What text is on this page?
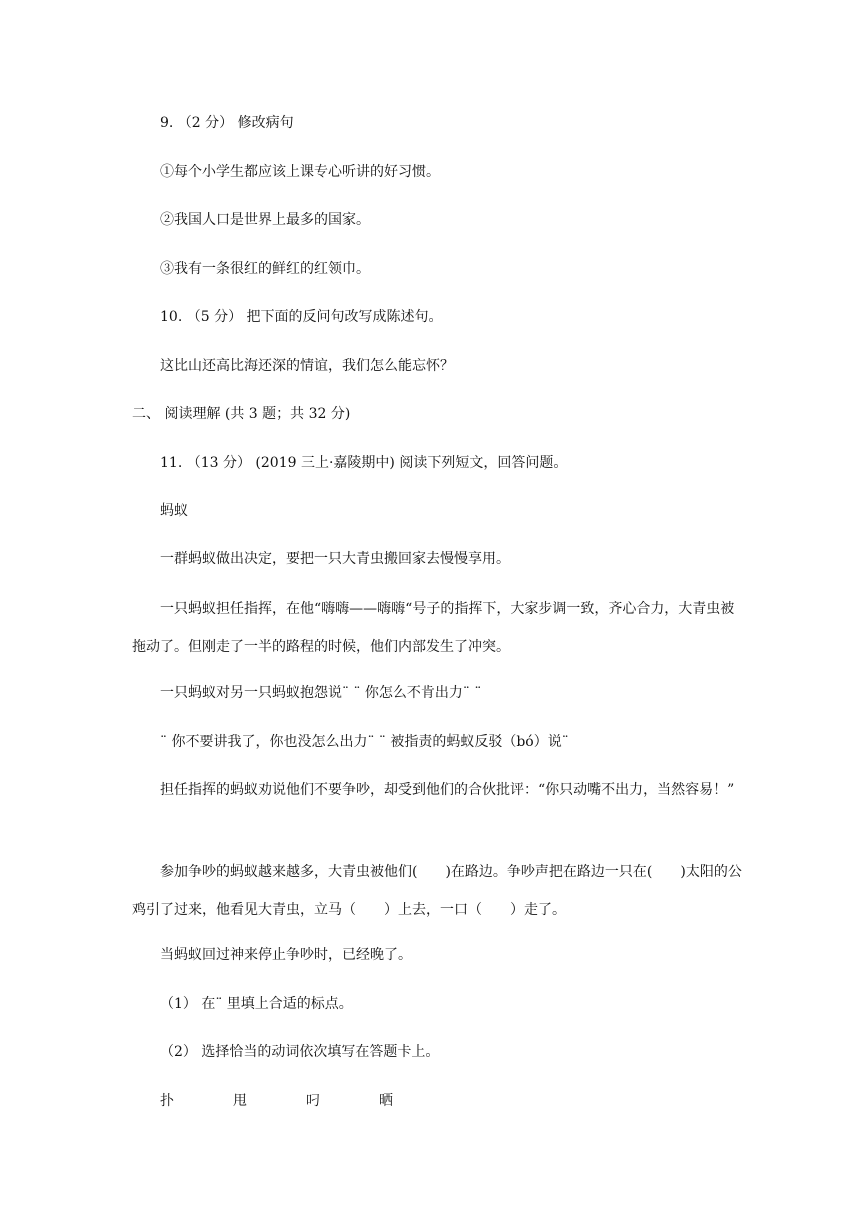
9. （2 分） 修改病句
①每个小学生都应该上课专心听讲的好习惯。
②我国人口是世界上最多的国家。
③我有一条很红的鲜红的红领巾。
10. （5 分） 把下面的反问句改写成陈述句。
这比山还高比海还深的情谊，我们怎么能忘怀？
二、 阅读理解 (共 3 题；共 32 分)
11. （13 分） (2019 三上·嘉陵期中) 阅读下列短文，回答问题。
蚂蚁
一群蚂蚁做出决定，要把一只大青虫搬回家去慢慢享用。
一只蚂蚁担任指挥，在他“嗨嗨——嗨嗨“号子的指挥下，大家步调一致，齐心合力，大青虫被拖动了。但刚走了一半的路程的时候，他们内部发生了冲突。
一只蚂蚁对另一只蚂蚁抱怨说¨ ¨ 你怎么不肯出力¨ ¨
¨ 你不要讲我了，你也没怎么出力¨ ¨ 被指责的蚂蚁反驳（bó）说¨
担任指挥的蚂蚁劝说他们不要争吵，却受到他们的合伙批评：“你只动嘴不出力，当然容易！”
参加争吵的蚂蚁越来越多，大青虫被他们(　　)在路边。争吵声把在路边一只在(　　)太阳的公鸡引了过来，他看见大青虫，立马（　　）上去，一口（　　）走了。
当蚂蚁回过神来停止争吵时，已经晚了。
（1） 在¨ 里填上合适的标点。
（2） 选择恰当的动词依次填写在答题卡上。
扑	甩	叼	晒
